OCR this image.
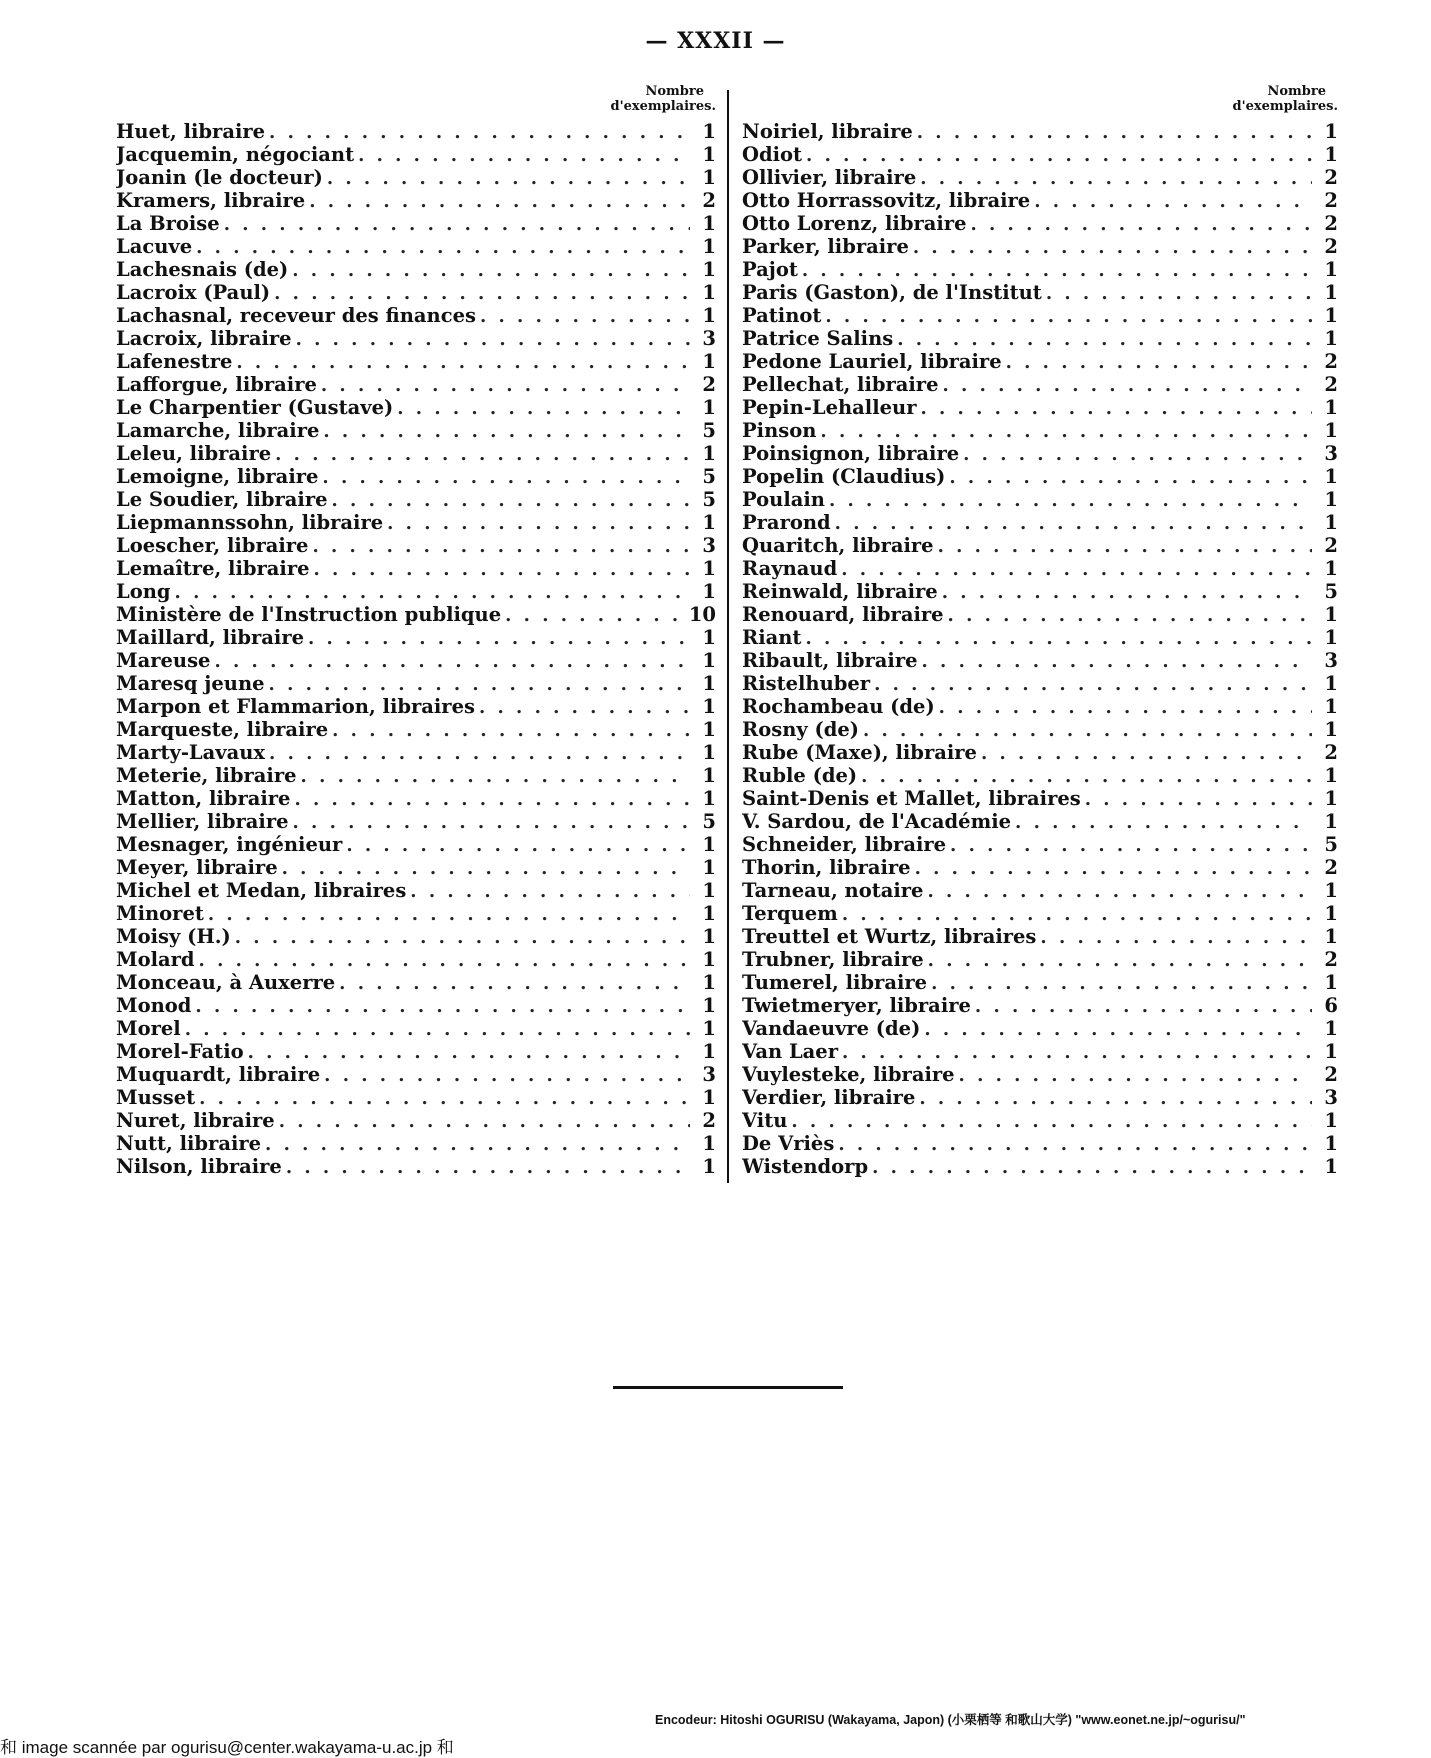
— XXXII —
Nombre
d'exemplaires.
Huet, libraire . . .	1
Jacquemin, négociant . . .	1
Joanin (le docteur) . . .	1
Kramers, libraire . . .	2
La Broise . . .	1
Lacuve . . .	1
Lachesnais (de) . . .	1
Lacroix (Paul) . . .	1
Lachasnal, receveur des finances . . .	1
Lacroix, libraire . . .	3
Lafenestre . . .	1
Lafforgue, libraire . . .	2
Le Charpentier (Gustave) . . .	1
Lamarche, libraire . . .	5
Leleu, libraire . . .	1
Lemoigne, libraire . . .	5
Le Soudier, libraire . . .	5
Liepmannssohn, libraire . . .	1
Loescher, libraire . . .	3
Lemaître, libraire . . .	1
Long . . .	1
Ministère de l'Instruction publique . . .	10
Maillard, libraire . . .	1
Mareuse . . .	1
Maresq jeune . . .	1
Marpon et Flammarion, libraires . . .	1
Marqueste, libraire . . .	1
Marty-Lavaux . . .	1
Meterie, libraire . . .	1
Matton, libraire . . .	1
Mellier, libraire . . .	5
Mesnager, ingénieur . . .	1
Meyer, libraire . . .	1
Michel et Medan, libraires . . .	1
Minoret . . .	1
Moisy (H.) . . .	1
Molard . . .	1
Monceau, à Auxerre . . .	1
Monod . . .	1
Morel . . .	1
Morel-Fatio . . .	1
Muquardt, libraire . . .	3
Musset . . .	1
Nuret, libraire . . .	2
Nutt, libraire . . .	1
Nilson, libraire . . .	1
Nombre
d'exemplaires.
Noiriel, libraire . . .	1
Odiot . . .	1
Ollivier, libraire . . .	2
Otto Horrassovitz, libraire . . .	2
Otto Lorenz, libraire . . .	2
Parker, libraire . . .	2
Pajot . . .	1
Paris (Gaston), de l'Institut . . .	1
Patinot . . .	1
Patrice Salins . . .	1
Pedone Lauriel, libraire . . .	2
Pellechat, libraire . . .	2
Pepin-Lehalleur . . .	1
Pinson . . .	1
Poinsignon, libraire . . .	3
Popelin (Claudius) . . .	1
Poulain . . .	1
Prarond . . .	1
Quaritch, libraire . . .	2
Raynaud . . .	1
Reinwald, libraire . . .	5
Renouard, libraire . . .	1
Riant . . .	1
Ribault, libraire . . .	3
Ristelhuber . . .	1
Rochambeau (de) . . .	1
Rosny (de) . . .	1
Rube (Maxe), libraire . . .	2
Ruble (de) . . .	1
Saint-Denis et Mallet, libraires . . .	1
V. Sardou, de l'Académie . . .	1
Schneider, libraire . . .	5
Thorin, libraire . . .	2
Tarneau, notaire . . .	1
Terquem . . .	1
Treuttel et Wurtz, libraires . . .	1
Trubner, libraire . . .	2
Tumerel, libraire . . .	1
Twietmeryer, libraire . . .	6
Vandaeuvre (de) . . .	1
Van Laer . . .	1
Vuylesteke, libraire . . .	2
Verdier, libraire . . .	3
Vitu . . .	1
De Vriès . . .	1
Wistendorp . . .	1
Encodeur: Hitoshi OGURISU (Wakayama, Japon) (小栗栖等 和歌山大学) "www.eonet.ne.jp/~ogurisu/"
和 image scannée par ogurisu@center.wakayama-u.ac.jp 和
